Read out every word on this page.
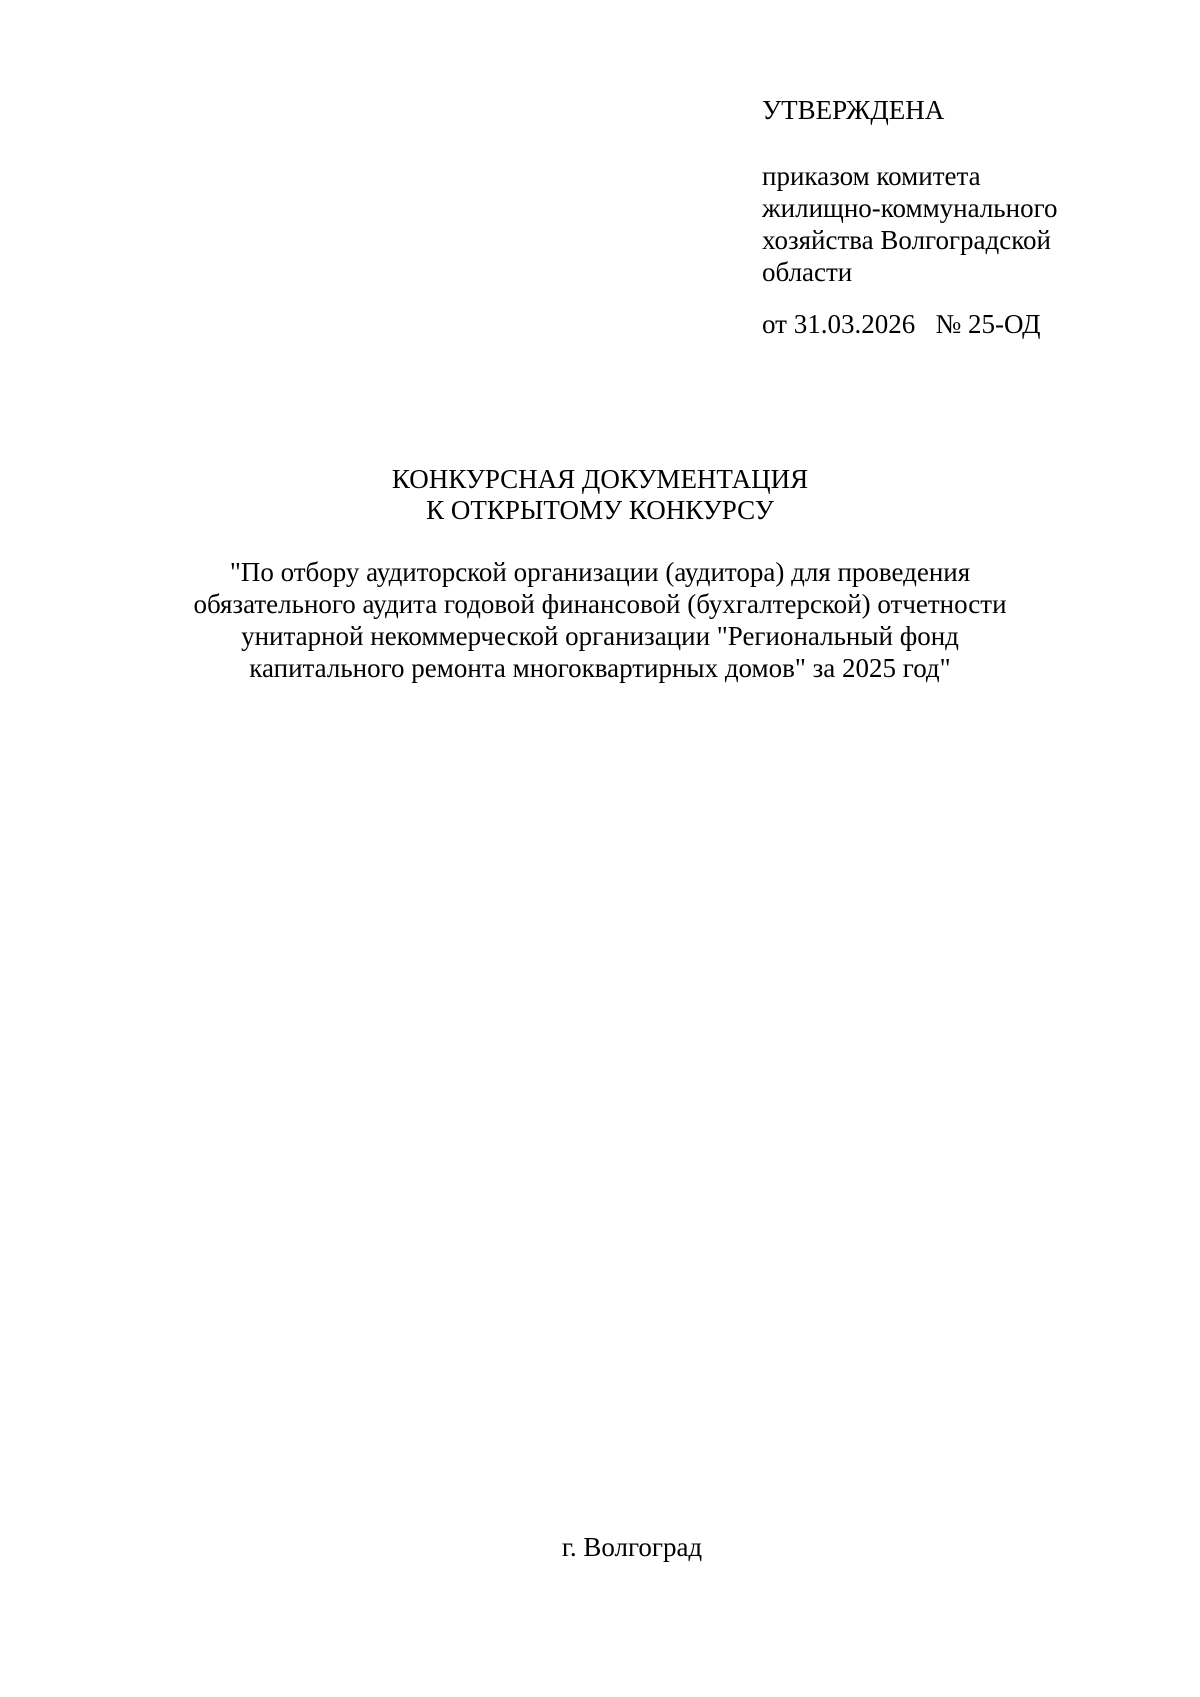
УТВЕРЖДЕНА
приказом комитета
жилищно-коммунального
хозяйства Волгоградской
области
от 31.03.2026   № 25-ОД
КОНКУРСНАЯ ДОКУМЕНТАЦИЯ
К ОТКРЫТОМУ КОНКУРСУ
"По отбору аудиторской организации (аудитора) для проведения
обязательного аудита годовой финансовой (бухгалтерской) отчетности
унитарной некоммерческой организации "Региональный фонд
капитального ремонта многоквартирных домов" за 2025 год"
г. Волгоград
